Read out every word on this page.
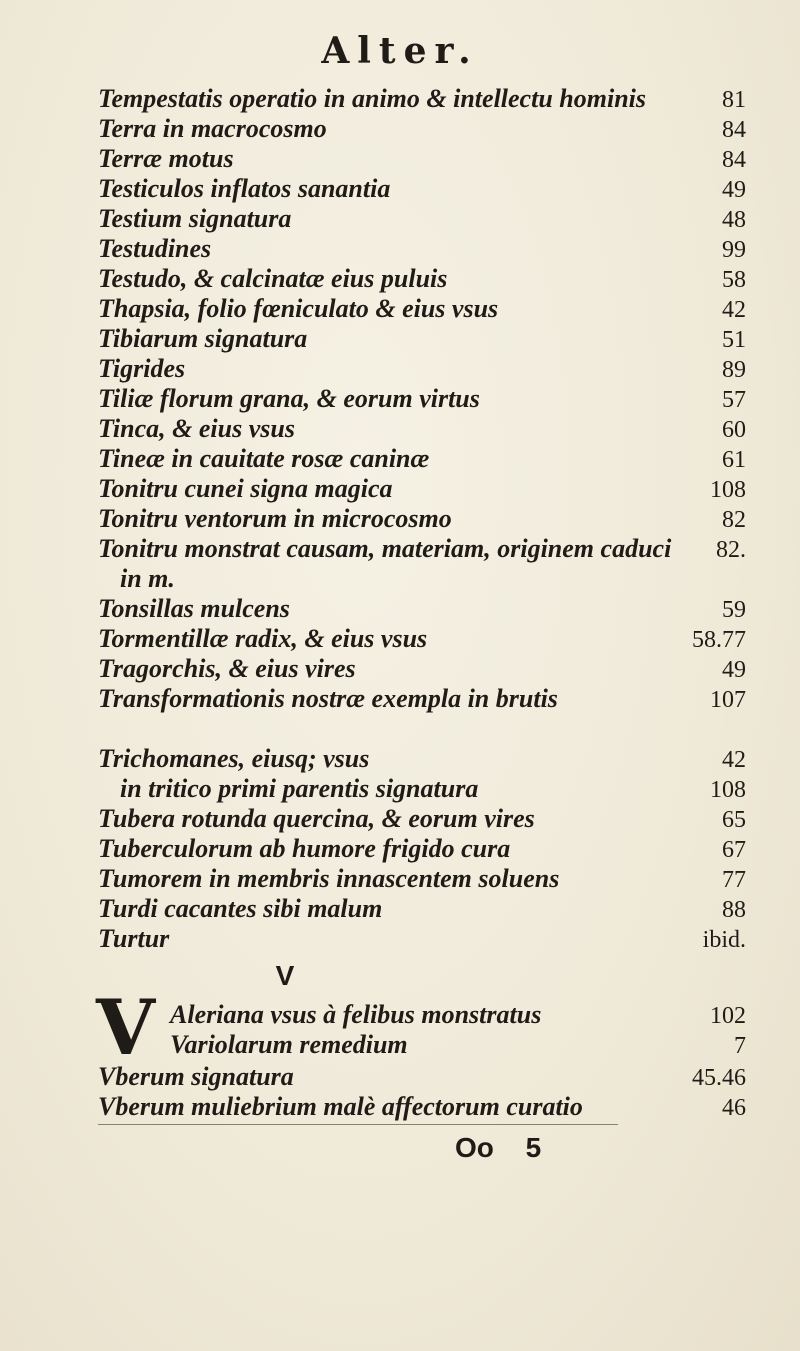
Alter.
Tempestatis operatio in animo & intellectu hominis	81
Terra in macrocosmo	84
Terræ motus	84
Testiculos inflatos sanantia	49
Testium signatura	48
Testudines	99
Testudo, & calcinatæ eius puluis	58
Thapsia, folio fœniculato & eius vsus	42
Tibiarum signatura	51
Tigrides	89
Tiliæ florum grana, & eorum virtus	57
Tinca, & eius vsus	60
Tineæ in cauitate rosæ caninæ	61
Tonitru cunei signa magica	108
Tonitru ventorum in microcosmo	82
Tonitru monstrat causam, materiam, originem caduci 82.
in m.
Tonsillas mulcens	59
Tormentillæ radix, & eius vsus	58.77
Tragorchis, & eius vires	49
Transformationis nostræ exempla in brutis	107
Trichomanes, eiusq; vsus	42
in tritico primi parentis signatura	108
Tubera rotunda quercina, & eorum vires	65
Tuberculorum ab humore frigido cura	67
Tumorem in membris innascentem soluens	77
Turdi cacantes sibi malum	88
Turtur	ibid.
Aleriana vsus à felibus monstratus	102
Variolarum remedium	7
Vberum signatura	45.46
Vberum muliebrium malè affectorum curatio	46
V
V
Oo 5
